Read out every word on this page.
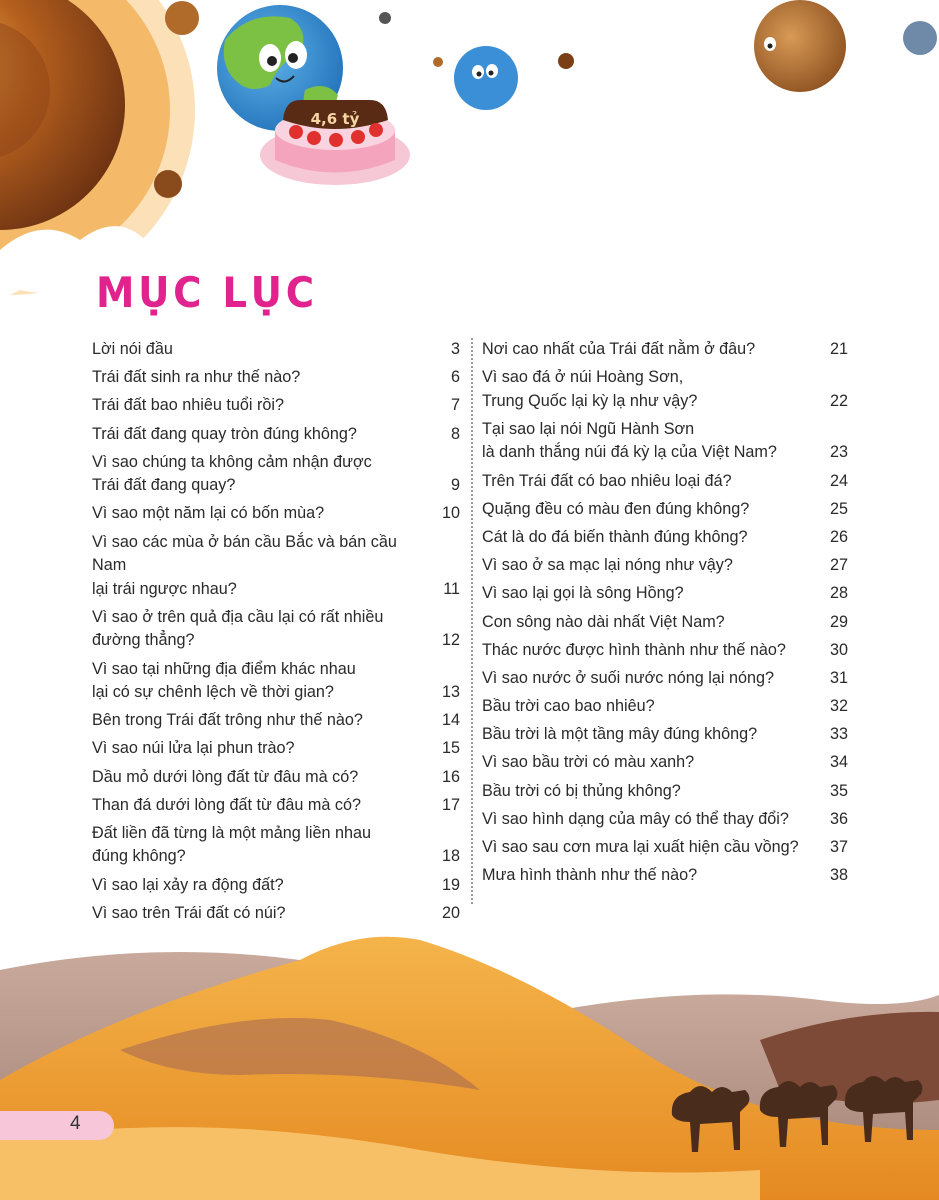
4,6 tỷ
MỤC LỤC
Lời nói đầu	3
Trái đất sinh ra như thế nào?	6
Trái đất bao nhiêu tuổi rồi?	7
Trái đất đang quay tròn đúng không?	8
Vì sao chúng ta không cảm nhận được
Trái đất đang quay?	9
Vì sao một năm lại có bốn mùa?	10
Vì sao các mùa ở bán cầu Bắc và bán cầu Nam
lại trái ngược nhau?	11
Vì sao ở trên quả địa cầu lại có rất nhiều
đường thẳng?	12
Vì sao tại những địa điểm khác nhau
lại có sự chênh lệch về thời gian?	13
Bên trong Trái đất trông như thế nào?	14
Vì sao núi lửa lại phun trào?	15
Dầu mỏ dưới lòng đất từ đâu mà có?	16
Than đá dưới lòng đất từ đâu mà có?	17
Đất liền đã từng là một mảng liền nhau
đúng không?	18
Vì sao lại xảy ra động đất?	19
Vì sao trên Trái đất có núi?	20
Nơi cao nhất của Trái đất nằm ở đâu?	21
Vì sao đá ở núi Hoàng Sơn,
Trung Quốc lại kỳ lạ như vậy?	22
Tại sao lại nói Ngũ Hành Sơn
là danh thắng núi đá kỳ lạ của Việt Nam?	23
Trên Trái đất có bao nhiêu loại đá?	24
Quặng đều có màu đen đúng không?	25
Cát là do đá biến thành đúng không?	26
Vì sao ở sa mạc lại nóng như vậy?	27
Vì sao lại gọi là sông Hồng?	28
Con sông nào dài nhất Việt Nam?	29
Thác nước được hình thành như thế nào?	30
Vì sao nước ở suối nước nóng lại nóng?	31
Bầu trời cao bao nhiêu?	32
Bầu trời là một tầng mây đúng không?	33
Vì sao bầu trời có màu xanh?	34
Bầu trời có bị thủng không?	35
Vì sao hình dạng của mây có thể thay đổi?	36
Vì sao sau cơn mưa lại xuất hiện cầu vồng?	37
Mưa hình thành như thế nào?	38
4
